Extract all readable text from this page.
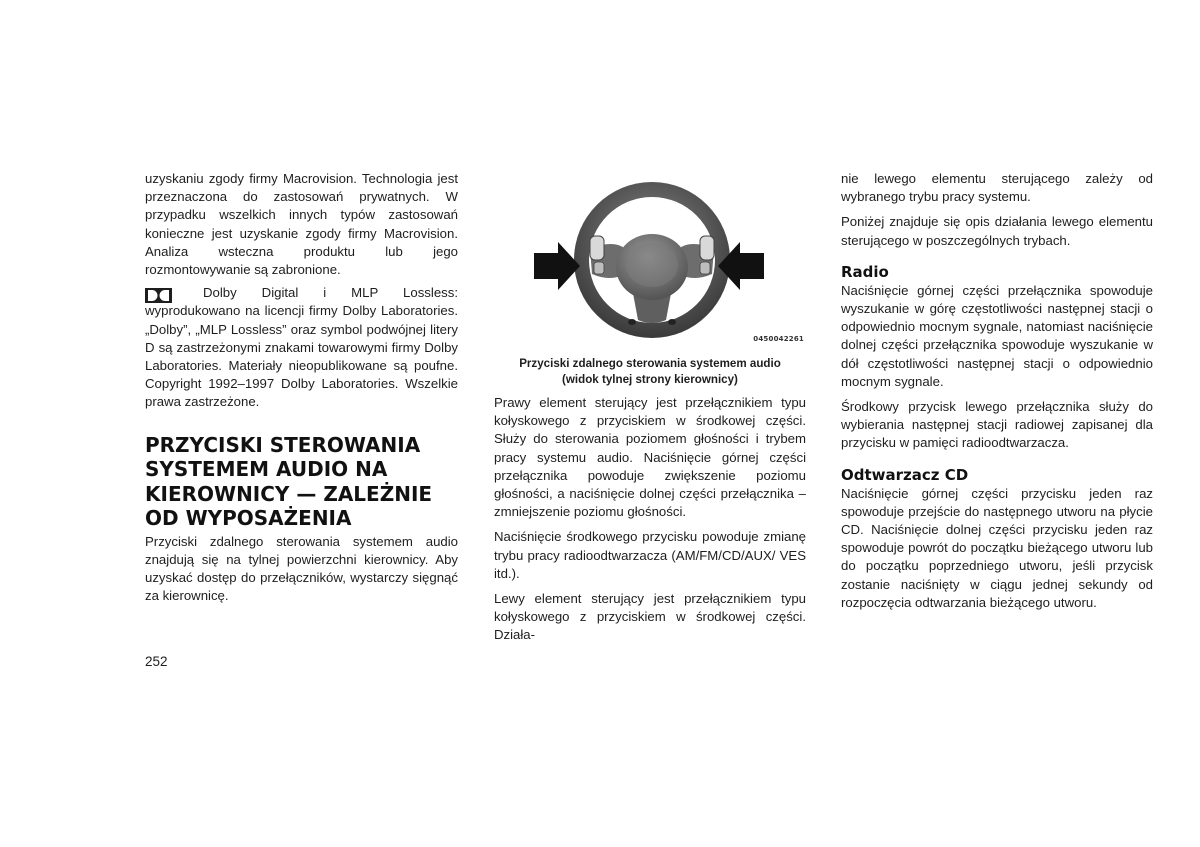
uzyskaniu zgody firmy Macrovision. Technologia jest przeznaczona do zastosowań prywatnych. W przypadku wszelkich innych typów zastosowań konieczne jest uzyskanie zgody firmy Macrovision. Analiza wsteczna produktu lub jego rozmontowywanie są zabronione.

Dolby Digital i MLP Lossless: wyprodukowano na licencji firmy Dolby Laboratories. „Dolby”, „MLP Lossless” oraz symbol podwójnej litery D są zastrzeżonymi znakami towarowymi firmy Dolby Laboratories. Materiały nieopublikowane są poufne. Copyright 1992–1997 Dolby Laboratories. Wszelkie prawa zastrzeżone.

PRZYCISKI STEROWANIA SYSTEMEM AUDIO NA KIEROWNICY — ZALEŻNIE OD WYPOSAŻENIA

Przyciski zdalnego sterowania systemem audio znajdują się na tylnej powierzchni kierownicy. Aby uzyskać dostęp do przełączników, wystarczy sięgnąć za kierownicę.

0450042261
Przyciski zdalnego sterowania systemem audio
(widok tylnej strony kierownicy)

Prawy element sterujący jest przełącznikiem typu kołyskowego z przyciskiem w środkowej części. Służy do sterowania poziomem głośności i trybem pracy systemu audio. Naciśnięcie górnej części przełącznika powoduje zwiększenie poziomu głośności, a naciśnięcie dolnej części przełącznika – zmniejszenie poziomu głośności.

Naciśnięcie środkowego przycisku powoduje zmianę trybu pracy radioodtwarzacza (AM/FM/CD/AUX/ VES itd.).

Lewy element sterujący jest przełącznikiem typu kołyskowego z przyciskiem w środkowej części. Działa-

nie lewego elementu sterującego zależy od wybranego trybu pracy systemu.

Poniżej znajduje się opis działania lewego elementu sterującego w poszczególnych trybach.

Radio

Naciśnięcie górnej części przełącznika spowoduje wyszukanie w górę częstotliwości następnej stacji o odpowiednio mocnym sygnale, natomiast naciśnięcie dolnej części przełącznika spowoduje wyszukanie w dół częstotliwości następnej stacji o odpowiednio mocnym sygnale.

Środkowy przycisk lewego przełącznika służy do wybierania następnej stacji radiowej zapisanej dla przycisku w pamięci radioodtwarzacza.

Odtwarzacz CD

Naciśnięcie górnej części przycisku jeden raz spowoduje przejście do następnego utworu na płycie CD. Naciśnięcie dolnej części przycisku jeden raz spowoduje powrót do początku bieżącego utworu lub do początku poprzedniego utworu, jeśli przycisk zostanie naciśnięty w ciągu jednej sekundy od rozpoczęcia odtwarzania bieżącego utworu.

252
